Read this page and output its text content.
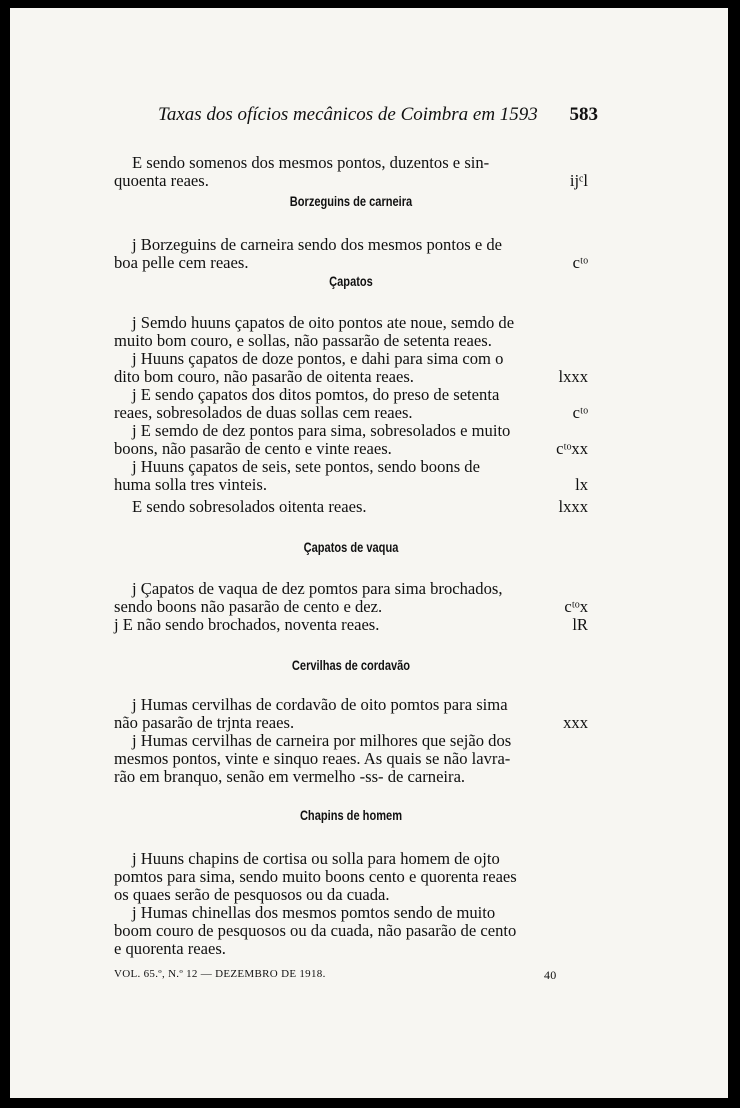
Taxas dos ofícios mecânicos de Coimbra em 1593 583
E sendo somenos dos mesmos pontos, duzentos e sin-
quoenta reaes.	ijᶜl
Borzeguins de carneira
j Borzeguins de carneira sendo dos mesmos pontos e de
boa pelle cem reaes.	cᵗᵒ
Çapatos
j Semdo huuns çapatos de oito pontos ate noue, semdo de
muito bom couro, e sollas, não passarão de setenta reaes.
j Huuns çapatos de doze pontos, e dahi para sima com o
dito bom couro, não pasarão de oitenta reaes.	lxxx
j E sendo çapatos dos ditos pomtos, do preso de setenta
reaes, sobresolados de duas sollas cem reaes.	cᵗᵒ
j E semdo de dez pontos para sima, sobresolados e muito
boons, não pasarão de cento e vinte reaes.	cᵗᵒxx
j Huuns çapatos de seis, sete pontos, sendo boons de
huma solla tres vinteis.	lx
E sendo sobresolados oitenta reaes.	lxxx
Çapatos de vaqua
j Çapatos de vaqua de dez pomtos para sima brochados,
sendo boons não pasarão de cento e dez.	cᵗᵒx
j E não sendo brochados, noventa reaes.	lR
Cervilhas de cordavão
j Humas cervilhas de cordavão de oito pomtos para sima
não pasarão de trjnta reaes.	xxx
j Humas cervilhas de carneira por milhores que sejão dos
mesmos pontos, vinte e sinquo reaes. As quais se não lavra-
rão em branquo, senão em vermelho -ss- de carneira.
Chapins de homem
j Huuns chapins de cortisa ou solla para homem de ojto
pomtos para sima, sendo muito boons cento e quorenta reaes
os quaes serão de pesquosos ou da cuada.
j Humas chinellas dos mesmos pomtos sendo de muito
boom couro de pesquosos ou da cuada, não pasarão de cento
e quorenta reaes.
VOL. 65.º, N.º 12 — DEZEMBRO DE 1918.	40
